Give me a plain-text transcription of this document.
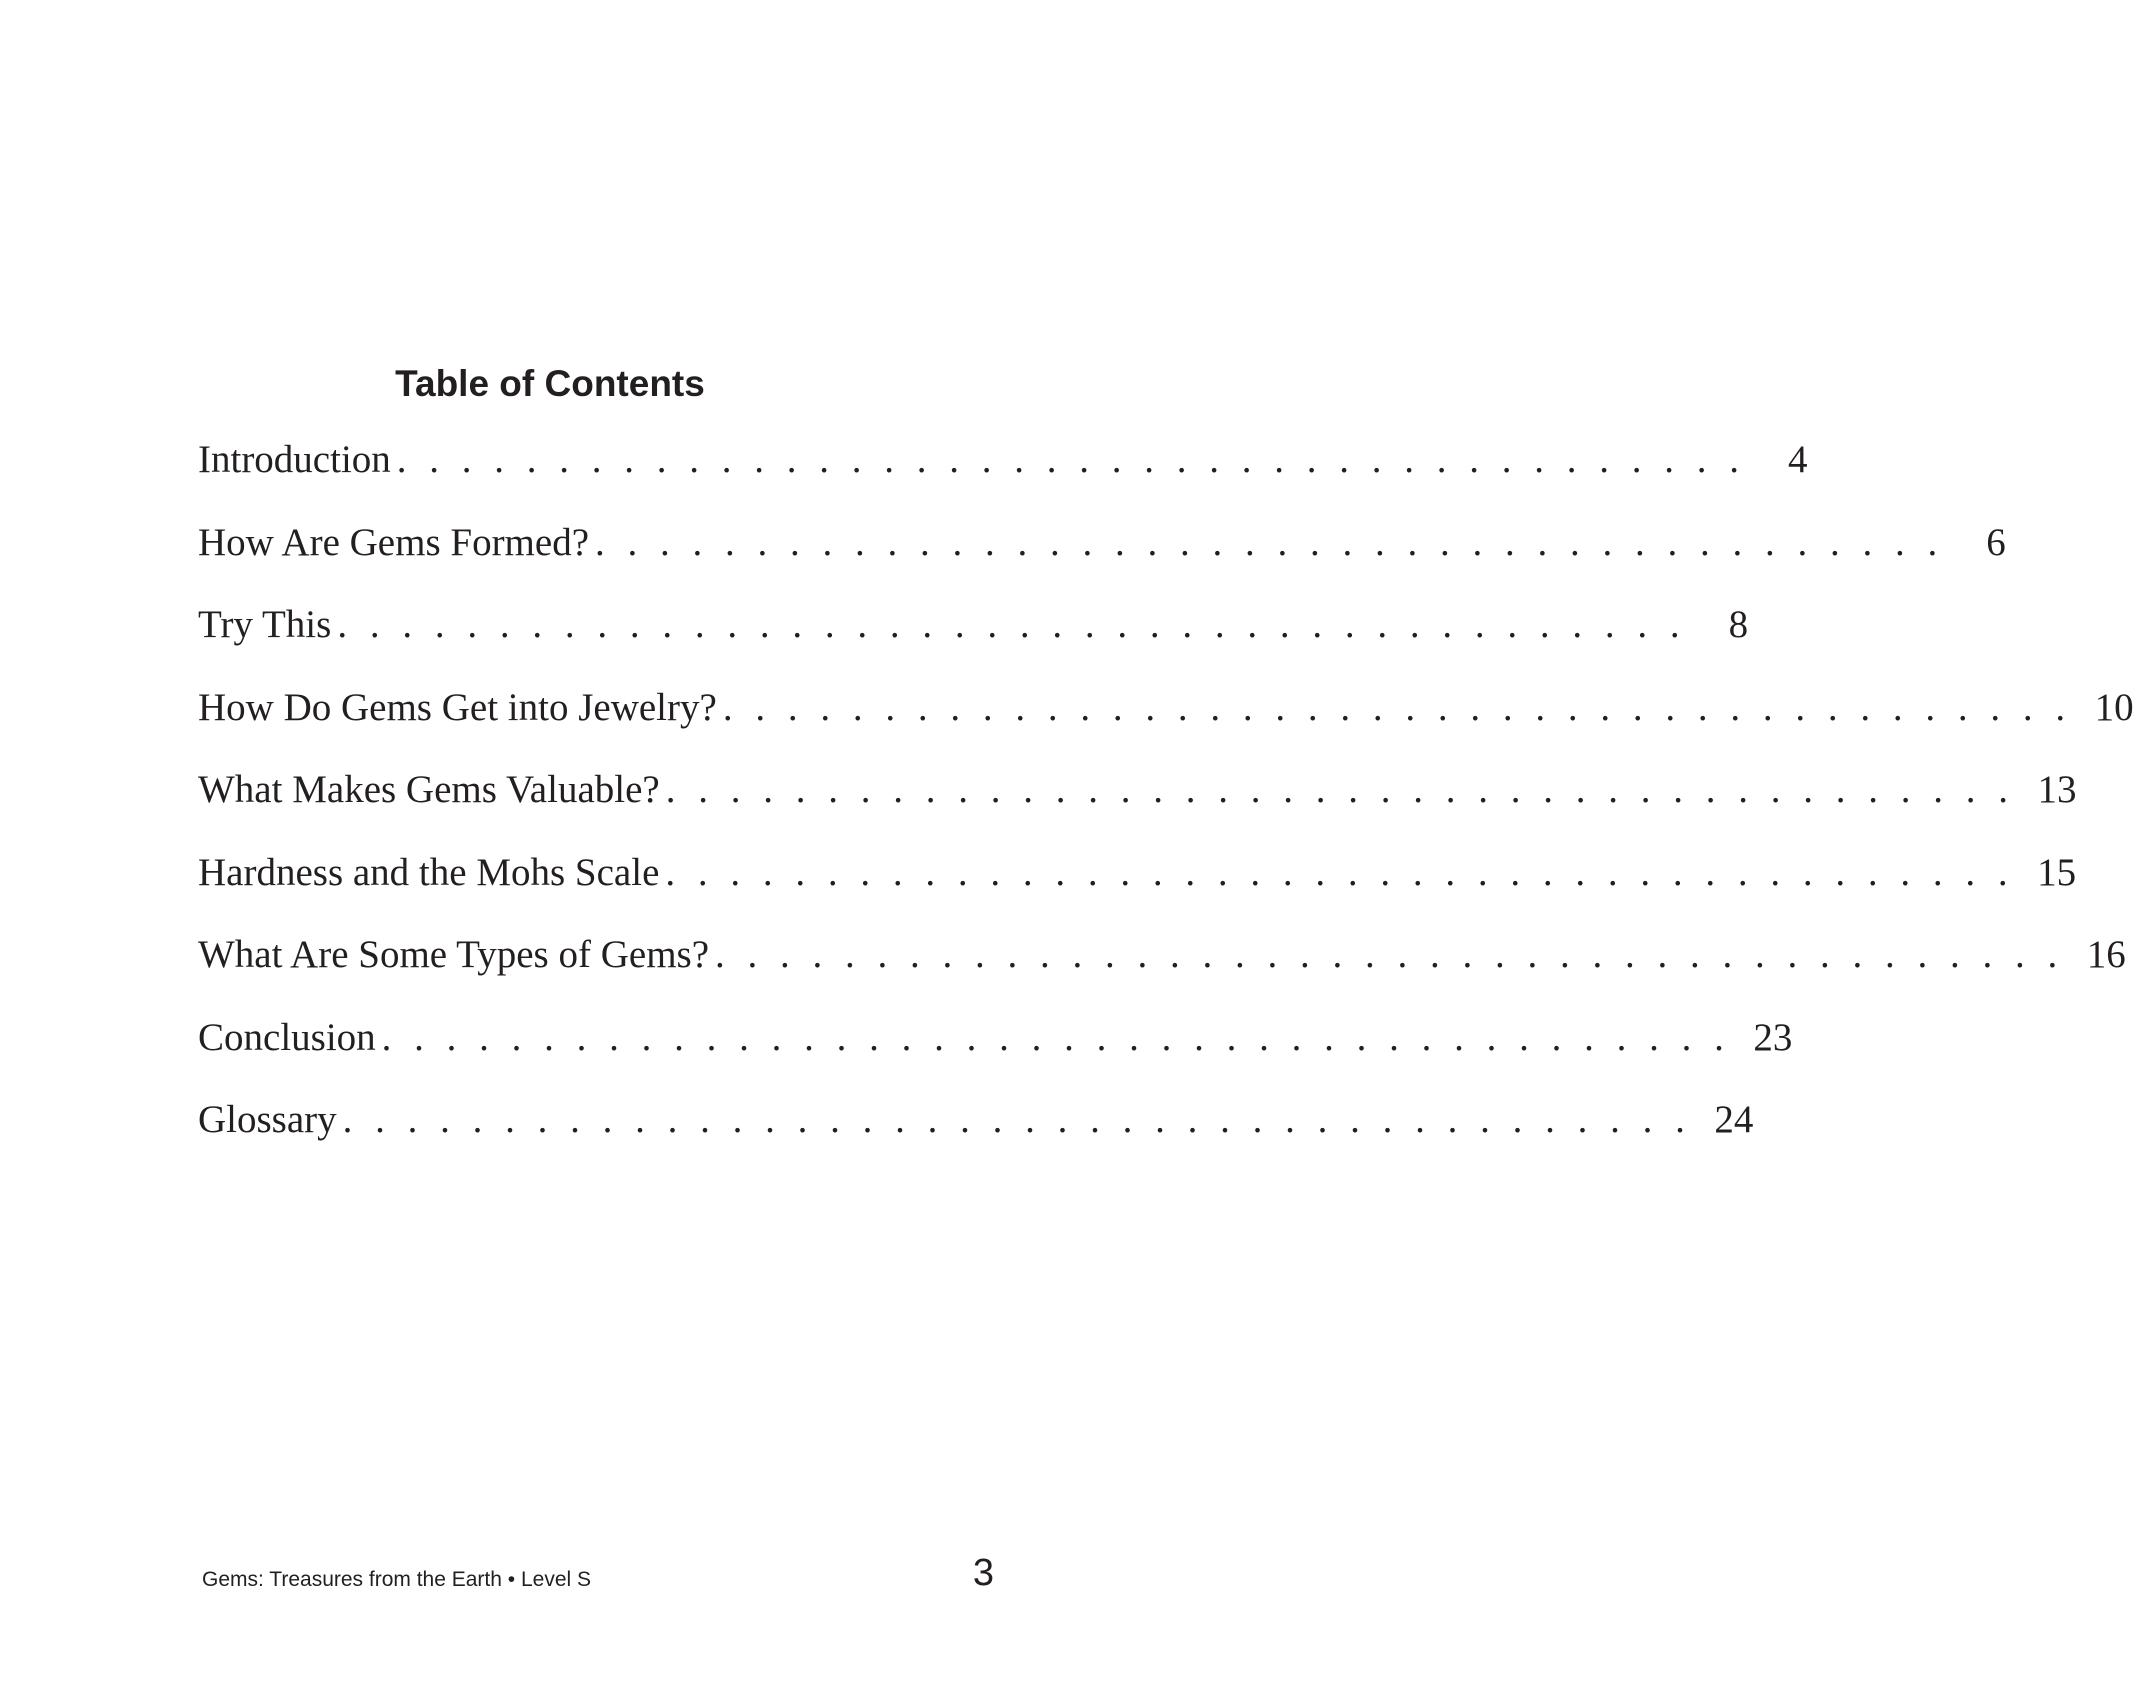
Table of Contents
Introduction . . . . . . . . . . . . . . . . . . . . . . . . . . . . . . . . . . . . . . . . . .	4
How Are Gems Formed? . . . . . . . . . . . . . . . . . . . . . . . . . . . . . . . . . . . . . . . . . .	6
Try This . . . . . . . . . . . . . . . . . . . . . . . . . . . . . . . . . . . . . . . . . .	8
How Do Gems Get into Jewelry? . . . . . . . . . . . . . . . . . . . . . . . . . . . . . . . . . . . . . . . . . . 10
What Makes Gems Valuable? . . . . . . . . . . . . . . . . . . . . . . . . . . . . . . . . . . . . . . . . . . 13
Hardness and the Mohs Scale . . . . . . . . . . . . . . . . . . . . . . . . . . . . . . . . . . . . . . . . . . 15
What Are Some Types of Gems? . . . . . . . . . . . . . . . . . . . . . . . . . . . . . . . . . . . . . . . . . . 16
Conclusion . . . . . . . . . . . . . . . . . . . . . . . . . . . . . . . . . . . . . . . . . . 23
Glossary . . . . . . . . . . . . . . . . . . . . . . . . . . . . . . . . . . . . . . . . . . 24
Gems: Treasures from the Earth • Level S	3
